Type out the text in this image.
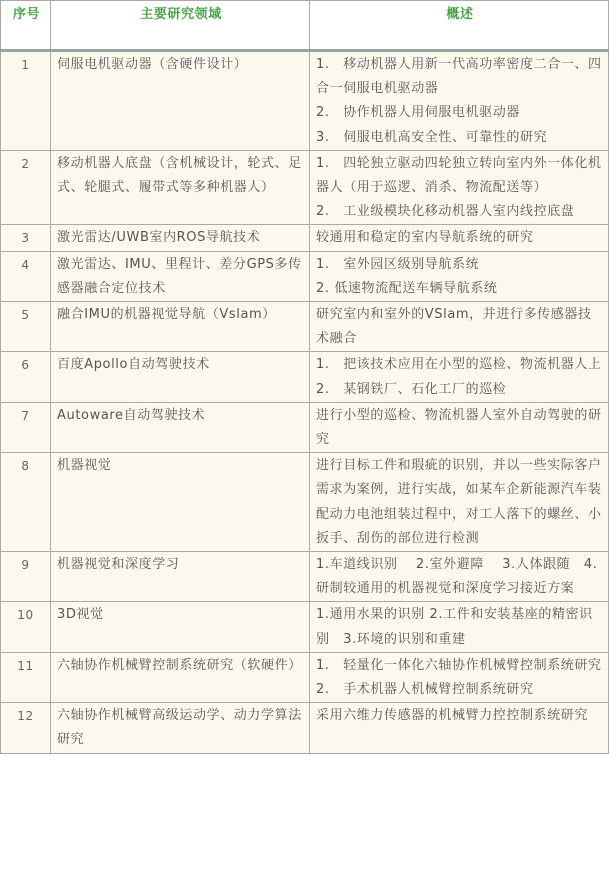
序号	主要研究领域	概述
1	伺服电机驱动器（含硬件设计）	1.　移动机器人用新一代高功率密度二合一、四合一伺服电机驱动器
2.　协作机器人用伺服电机驱动器
3.　伺服电机高安全性、可靠性的研究

2	移动机器人底盘（含机械设计，轮式、足式、轮腿式、履带式等多种机器人）	1.　四轮独立驱动四轮独立转向室内外一体化机器人（用于巡逻、消杀、物流配送等）
2.　工业级模块化移动机器人室内线控底盘

3	激光雷达/UWB室内ROS导航技术	较通用和稳定的室内导航系统的研究

4	激光雷达、IMU、里程计、差分GPS多传感器融合定位技术	1.　室外园区级别导航系统
2. 低速物流配送车辆导航系统

5	融合IMU的机器视觉导航（Vslam）	研究室内和室外的VSlam，并进行多传感器技术融合

6	百度Apollo自动驾驶技术	1.　把该技术应用在小型的巡检、物流机器人上
2.　某钢铁厂、石化工厂的巡检

7	Autoware自动驾驶技术	进行小型的巡检、物流机器人室外自动驾驶的研究

8	机器视觉	进行目标工件和瑕疵的识别，并以一些实际客户需求为案例，进行实战，如某车企新能源汽车装配动力电池组装过程中，对工人落下的螺丝、小扳手、刮伤的部位进行检测

9	机器视觉和深度学习	1.车道线识别　 2.室外避障　 3.人体跟随　4.研制较通用的机器视觉和深度学习接近方案

10	3D视觉	1.通用水果的识别 2.工件和安装基座的精密识别　3.环境的识别和重建

11	六轴协作机械臂控制系统研究（软硬件）	1.　轻量化一体化六轴协作机械臂控制系统研究
2.　手术机器人机械臂控制系统研究

12	六轴协作机械臂高级运动学、动力学算法研究	采用六维力传感器的机械臂力控控制系统研究
